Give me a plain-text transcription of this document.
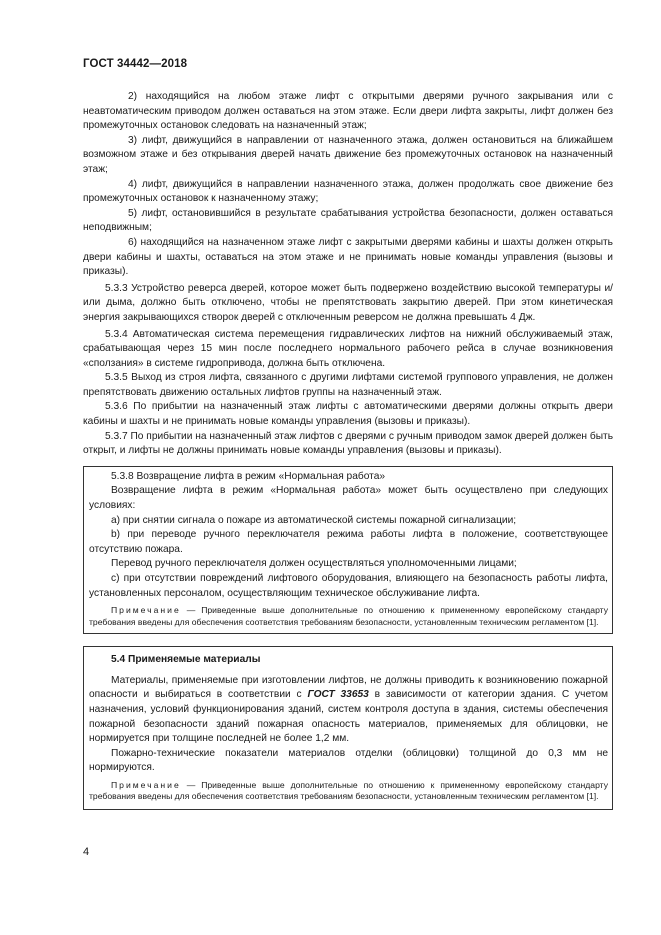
ГОСТ 34442—2018

2) находящийся на любом этаже лифт с открытыми дверями ручного закрывания или с неавтоматическим приводом должен оставаться на этом этаже. Если двери лифта закрыты, лифт должен без промежуточных остановок следовать на назначенный этаж;

3) лифт, движущийся в направлении от назначенного этажа, должен остановиться на ближайшем возможном этаже и без открывания дверей начать движение без промежуточных остановок на назначенный этаж;

4) лифт, движущийся в направлении назначенного этажа, должен продолжать свое движение без промежуточных остановок к назначенному этажу;

5) лифт, остановившийся в результате срабатывания устройства безопасности, должен оставаться неподвижным;

6) находящийся на назначенном этаже лифт с закрытыми дверями кабины и шахты должен открыть двери кабины и шахты, оставаться на этом этаже и не принимать новые команды управления (вызовы и приказы).

5.3.3 Устройство реверса дверей, которое может быть подвержено воздействию высокой температуры и/или дыма, должно быть отключено, чтобы не препятствовать закрытию дверей. При этом кинетическая энергия закрывающихся створок дверей с отключенным реверсом не должна превышать 4 Дж.

5.3.4 Автоматическая система перемещения гидравлических лифтов на нижний обслуживаемый этаж, срабатывающая через 15 мин после последнего нормального рабочего рейса в случае возникновения «сползания» в системе гидропривода, должна быть отключена.

5.3.5 Выход из строя лифта, связанного с другими лифтами системой группового управления, не должен препятствовать движению остальных лифтов группы на назначенный этаж.

5.3.6 По прибытии на назначенный этаж лифты с автоматическими дверями должны открыть двери кабины и шахты и не принимать новые команды управления (вызовы и приказы).

5.3.7 По прибытии на назначенный этаж лифтов с дверями с ручным приводом замок дверей должен быть открыт, и лифты не должны принимать новые команды управления (вызовы и приказы).

5.3.8 Возвращение лифта в режим «Нормальная работа»

Возвращение лифта в режим «Нормальная работа» может быть осуществлено при следующих условиях:

а) при снятии сигнала о пожаре из автоматической системы пожарной сигнализации;

b) при переводе ручного переключателя режима работы лифта в положение, соответствующее отсутствию пожара.

Перевод ручного переключателя должен осуществляться уполномоченными лицами;

с) при отсутствии повреждений лифтового оборудования, влияющего на безопасность работы лифта, установленных персоналом, осуществляющим техническое обслуживание лифта.

Примечание — Приведенные выше дополнительные по отношению к примененному европейскому стандарту требования введены для обеспечения соответствия требованиям безопасности, установленным техническим регламентом [1].

5.4 Применяемые материалы

Материалы, применяемые при изготовлении лифтов, не должны приводить к возникновению пожарной опасности и выбираться в соответствии с ГОСТ 33653 в зависимости от категории здания. С учетом назначения, условий функционирования зданий, систем контроля доступа в здания, системы обеспечения пожарной безопасности зданий пожарная опасность материалов, применяемых для облицовки, не нормируется при толщине последней не более 1,2 мм.

Пожарно-технические показатели материалов отделки (облицовки) толщиной до 0,3 мм не нормируются.

Примечание — Приведенные выше дополнительные по отношению к примененному европейскому стандарту требования введены для обеспечения соответствия требованиям безопасности, установленным техническим регламентом [1].

4
